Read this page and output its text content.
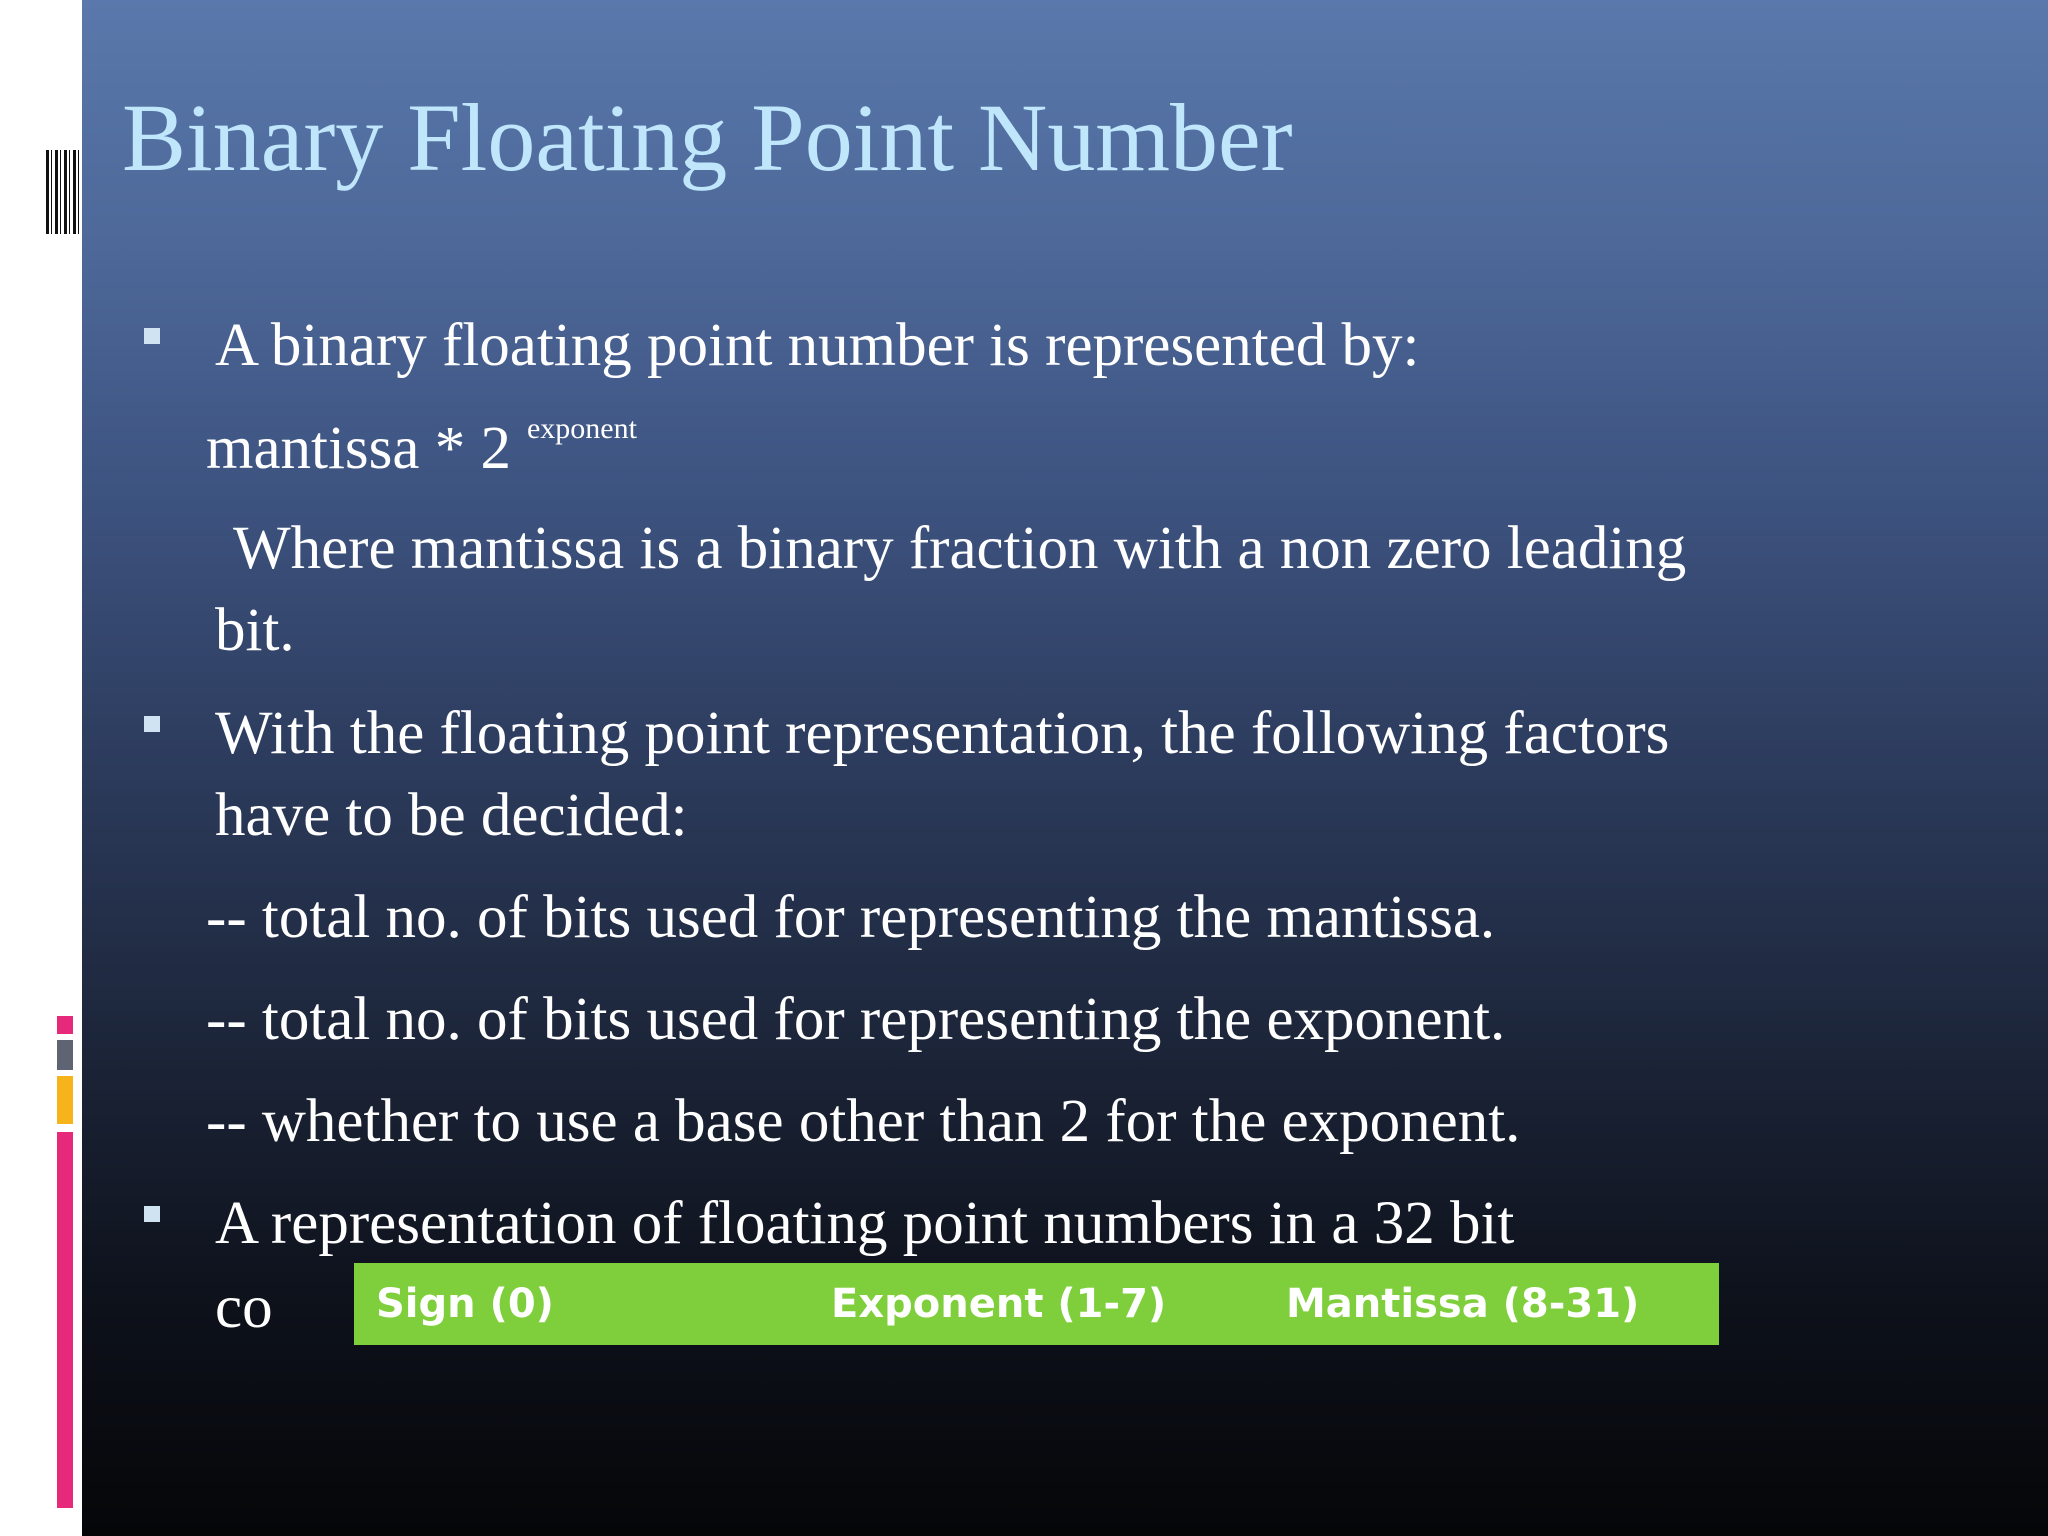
Binary Floating Point Number
A binary floating point number is represented by:
mantissa * 2 $^{exponent}$
Where mantissa is a binary fraction with a non zero leading
bit.
With the floating point representation, the following factors
have to be decided:
-- total no. of bits used for representing the mantissa.
-- total no. of bits used for representing the exponent.
-- whether to use a base other than 2 for the exponent.
A representation of floating point numbers in a 32 bit
co	Sign (0)	Exponent (1-7)	Mantissa (8-31)
